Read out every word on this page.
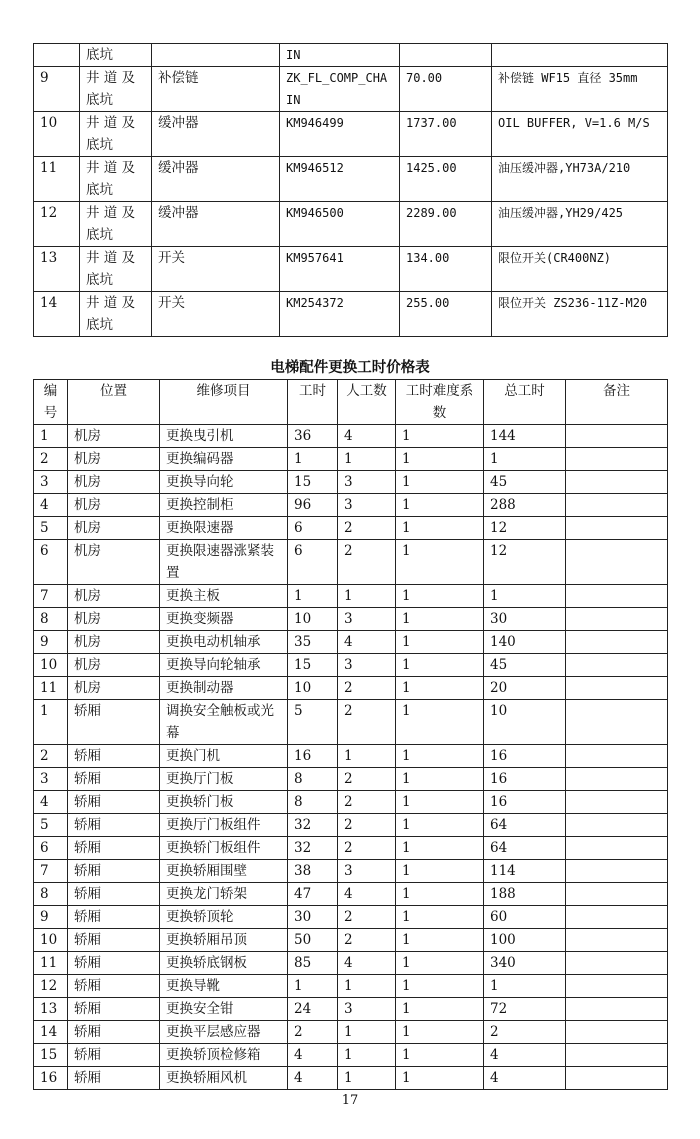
	底坑		IN		
9	井 道 及 底坑	补偿链	ZK_FL_COMP_CHA IN	70.00	补偿链 WF15 直径 35mm
10	井 道 及 底坑	缓冲器	KM946499	1737.00	OIL BUFFER, V=1.6 M/S
11	井 道 及 底坑	缓冲器	KM946512	1425.00	油压缓冲器,YH73A/210
12	井 道 及 底坑	缓冲器	KM946500	2289.00	油压缓冲器,YH29/425
13	井 道 及 底坑	开关	KM957641	134.00	限位开关(CR400NZ)
14	井 道 及 底坑	开关	KM254372	255.00	限位开关 ZS236-11Z-M20
电梯配件更换工时价格表
编号	位置	维修项目	工时	人工数	工时难度系数	总工时	备注
1	机房	更换曳引机	36	4	1	144	
2	机房	更换编码器	1	1	1	1	
3	机房	更换导向轮	15	3	1	45	
4	机房	更换控制柜	96	3	1	288	
5	机房	更换限速器	6	2	1	12	
6	机房	更换限速器涨紧装置	6	2	1	12	
7	机房	更换主板	1	1	1	1	
8	机房	更换变频器	10	3	1	30	
9	机房	更换电动机轴承	35	4	1	140	
10	机房	更换导向轮轴承	15	3	1	45	
11	机房	更换制动器	10	2	1	20	
1	轿厢	调换安全触板或光幕	5	2	1	10	
2	轿厢	更换门机	16	1	1	16	
3	轿厢	更换厅门板	8	2	1	16	
4	轿厢	更换轿门板	8	2	1	16	
5	轿厢	更换厅门板组件	32	2	1	64	
6	轿厢	更换轿门板组件	32	2	1	64	
7	轿厢	更换轿厢围壁	38	3	1	114	
8	轿厢	更换龙门轿架	47	4	1	188	
9	轿厢	更换轿顶轮	30	2	1	60	
10	轿厢	更换轿厢吊顶	50	2	1	100	
11	轿厢	更换轿底钢板	85	4	1	340	
12	轿厢	更换导靴	1	1	1	1	
13	轿厢	更换安全钳	24	3	1	72	
14	轿厢	更换平层感应器	2	1	1	2	
15	轿厢	更换轿顶检修箱	4	1	1	4	
16	轿厢	更换轿厢风机	4	1	1	4	
17
